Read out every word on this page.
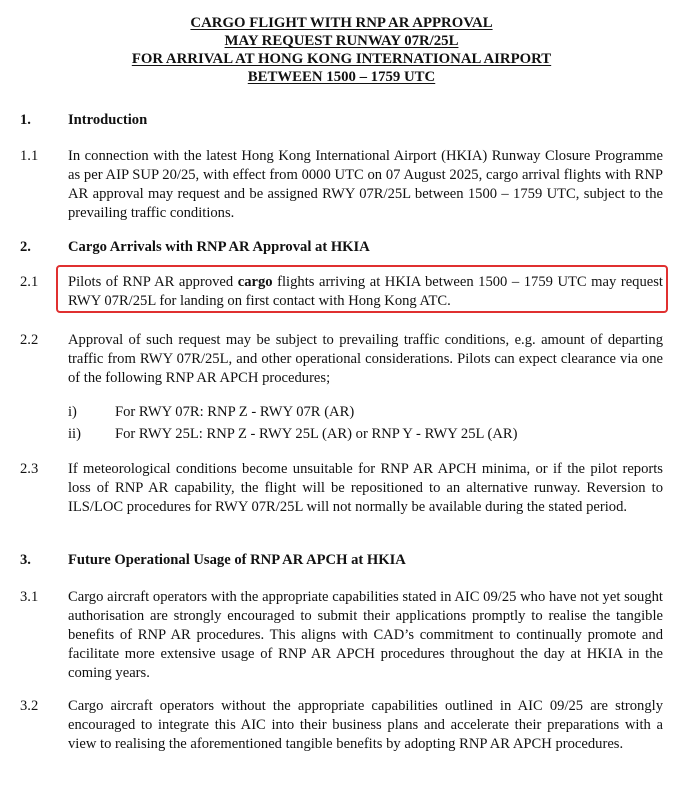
CARGO FLIGHT WITH RNP AR APPROVAL
MAY REQUEST RUNWAY 07R/25L
FOR ARRIVAL AT HONG KONG INTERNATIONAL AIRPORT
BETWEEN 1500 – 1759 UTC
1.	Introduction
1.1 In connection with the latest Hong Kong International Airport (HKIA) Runway Closure Programme as per AIP SUP 20/25, with effect from 0000 UTC on 07 August 2025, cargo arrival flights with RNP AR approval may request and be assigned RWY 07R/25L between 1500 – 1759 UTC, subject to the prevailing traffic conditions.
2.	Cargo Arrivals with RNP AR Approval at HKIA
2.1 Pilots of RNP AR approved cargo flights arriving at HKIA between 1500 – 1759 UTC may request RWY 07R/25L for landing on first contact with Hong Kong ATC.
2.2 Approval of such request may be subject to prevailing traffic conditions, e.g. amount of departing traffic from RWY 07R/25L, and other operational considerations. Pilots can expect clearance via one of the following RNP AR APCH procedures;
i)	For RWY 07R: RNP Z - RWY 07R (AR)
ii) For RWY 25L: RNP Z - RWY 25L (AR) or RNP Y - RWY 25L (AR)
2.3 If meteorological conditions become unsuitable for RNP AR APCH minima, or if the pilot reports loss of RNP AR capability, the flight will be repositioned to an alternative runway. Reversion to ILS/LOC procedures for RWY 07R/25L will not normally be available during the stated period.
3.	Future Operational Usage of RNP AR APCH at HKIA
3.1 Cargo aircraft operators with the appropriate capabilities stated in AIC 09/25 who have not yet sought authorisation are strongly encouraged to submit their applications promptly to realise the tangible benefits of RNP AR procedures. This aligns with CAD’s commitment to continually promote and facilitate more extensive usage of RNP AR APCH procedures throughout the day at HKIA in the coming years.
3.2 Cargo aircraft operators without the appropriate capabilities outlined in AIC 09/25 are strongly encouraged to integrate this AIC into their business plans and accelerate their preparations with a view to realising the aforementioned tangible benefits by adopting RNP AR APCH procedures.
